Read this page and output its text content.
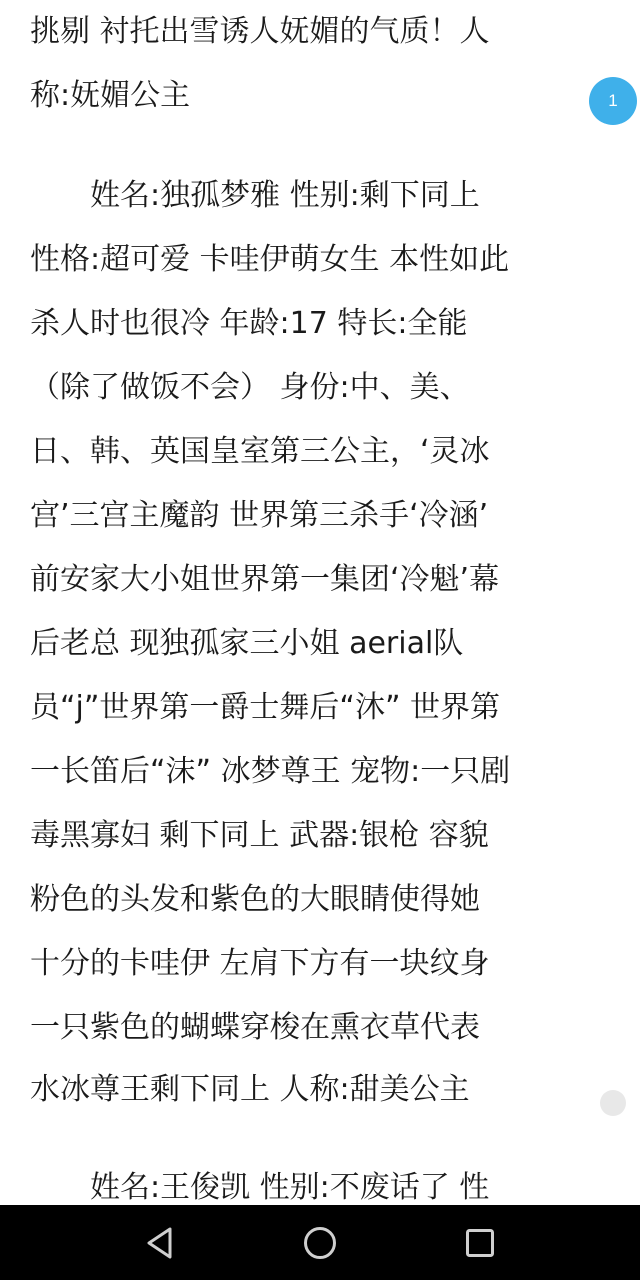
挑剔 衬托出雪诱人妩媚的气质！人
称:妩媚公主
　　姓名:独孤梦雅 性别:剩下同上
性格:超可爱 卡哇伊萌女生 本性如此
杀人时也很冷 年龄:17 特长:全能
（除了做饭不会） 身份:中、美、
日、韩、英国皇室第三公主，‘灵冰
宫’三宫主魔韵 世界第三杀手‘冷涵’
前安家大小姐世界第一集团‘冷魁’幕
后老总 现独孤家三小姐 aerial队
员“j”世界第一爵士舞后“沐” 世界第
一长笛后“沫” 冰梦尊王 宠物:一只剧
毒黑寡妇 剩下同上 武器:银枪 容貌
粉色的头发和紫色的大眼睛使得她
十分的卡哇伊 左肩下方有一块纹身
一只紫色的蝴蝶穿梭在熏衣草代表
水冰尊王剩下同上 人称:甜美公主
　　姓名:王俊凯 性别:不废话了 性
1
